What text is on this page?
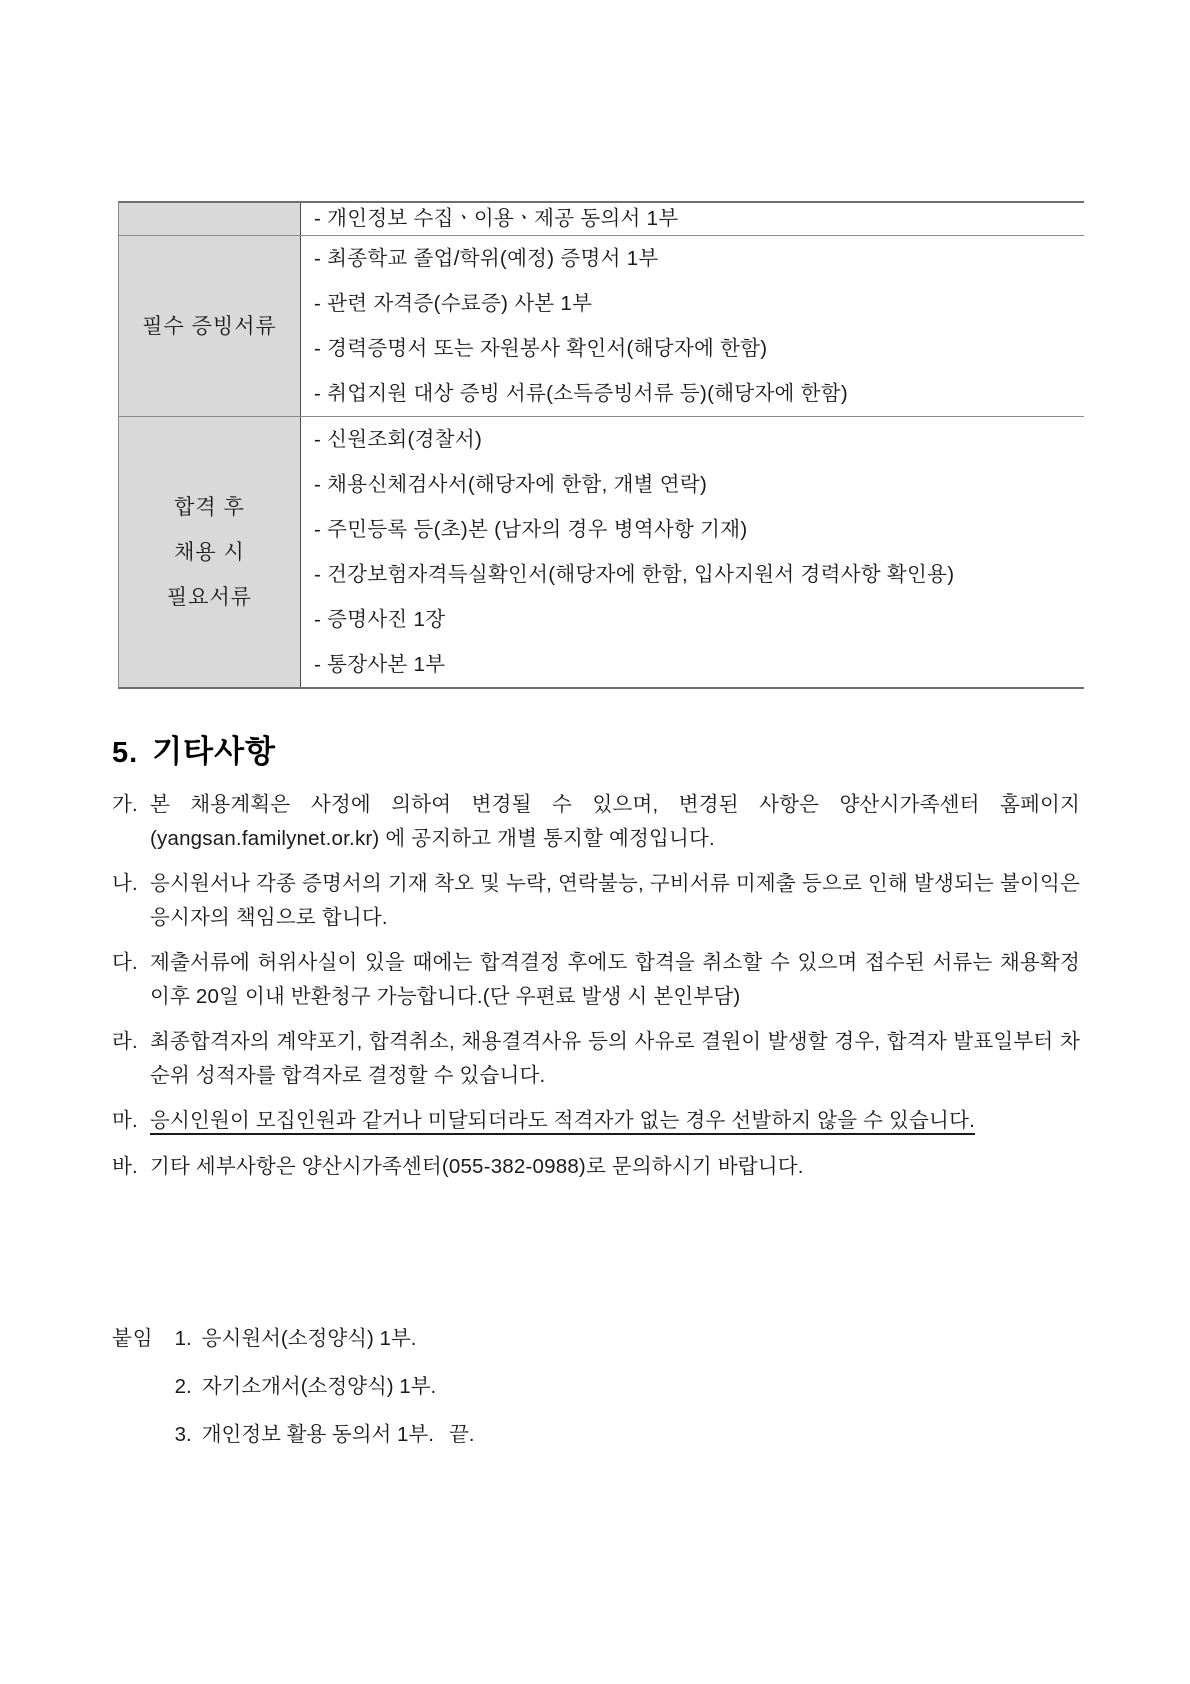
- 개인정보 수집ㆍ이용ㆍ제공 동의서 1부
필수 증빙서류
- 최종학교 졸업/학위(예정) 증명서 1부
- 관련 자격증(수료증) 사본 1부
- 경력증명서 또는 자원봉사 확인서(해당자에 한함)
- 취업지원 대상 증빙 서류(소득증빙서류 등)(해당자에 한함)
합격 후
채용 시
필요서류
- 신원조회(경찰서)
- 채용신체검사서(해당자에 한함, 개별 연락)
- 주민등록 등(초)본 (남자의 경우 병역사항 기재)
- 건강보험자격득실확인서(해당자에 한함, 입사지원서 경력사항 확인용)
- 증명사진 1장
- 통장사본 1부
5. 기타사항
가. 본 채용계획은 사정에 의하여 변경될 수 있으며, 변경된 사항은 양산시가족센터 홈페이지 (yangsan.familynet.or.kr) 에 공지하고 개별 통지할 예정입니다.
나. 응시원서나 각종 증명서의 기재 착오 및 누락, 연락불능, 구비서류 미제출 등으로 인해 발생되는 불이익은 응시자의 책임으로 합니다.
다. 제출서류에 허위사실이 있을 때에는 합격결정 후에도 합격을 취소할 수 있으며 접수된 서류는 채용확정 이후 20일 이내 반환청구 가능합니다.(단 우편료 발생 시 본인부담)
라. 최종합격자의 계약포기, 합격취소, 채용결격사유 등의 사유로 결원이 발생할 경우, 합격자 발표일부터 차순위 성적자를 합격자로 결정할 수 있습니다.
마. 응시인원이 모집인원과 같거나 미달되더라도 적격자가 없는 경우 선발하지 않을 수 있습니다.
바. 기타 세부사항은 양산시가족센터(055-382-0988)로 문의하시기 바랍니다.
붙임 1. 응시원서(소정양식) 1부.
2. 자기소개서(소정양식) 1부.
3. 개인정보 활용 동의서 1부. 끝.
